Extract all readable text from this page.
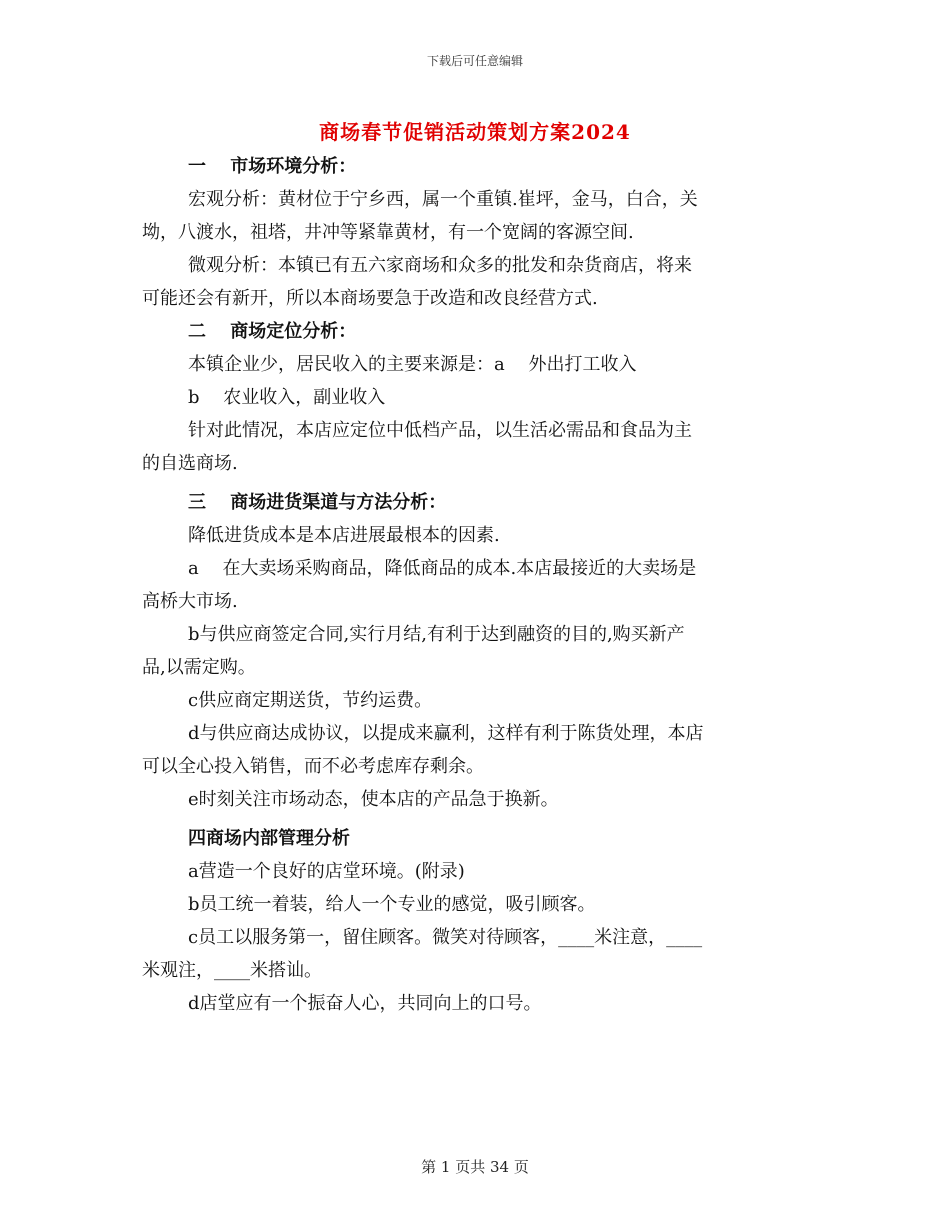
下载后可任意编辑
商场春节促销活动策划方案2024
一　 市场环境分析：
宏观分析：黄材位于宁乡西，属一个重镇.崔坪，金马，白合，关
坳，八渡水，祖塔，井冲等紧靠黄材，有一个宽阔的客源空间.
微观分析：本镇已有五六家商场和众多的批发和杂货商店，将来
可能还会有新开，所以本商场要急于改造和改良经营方式.
二　 商场定位分析：
本镇企业少，居民收入的主要来源是：a　 外出打工收入
b　 农业收入，副业收入
针对此情况，本店应定位中低档产品，以生活必需品和食品为主
的自选商场.
三　 商场进货渠道与方法分析：
降低进货成本是本店进展最根本的因素.
a　 在大卖场采购商品，降低商品的成本.本店最接近的大卖场是
高桥大市场.
b与供应商签定合同,实行月结,有利于达到融资的目的,购买新产
品,以需定购。
c供应商定期送货，节约运费。
d与供应商达成协议，以提成来赢利，这样有利于陈货处理，本店
可以全心投入销售，而不必考虑库存剩余。
e时刻关注市场动态，使本店的产品急于换新。
四商场内部管理分析
a营造一个良好的店堂环境。(附录)
b员工统一着装，给人一个专业的感觉，吸引顾客。
c员工以服务第一，留住顾客。微笑对待顾客，____米注意，____
米观注，____米搭讪。
d店堂应有一个振奋人心，共同向上的口号。
第 1 页共 34 页
